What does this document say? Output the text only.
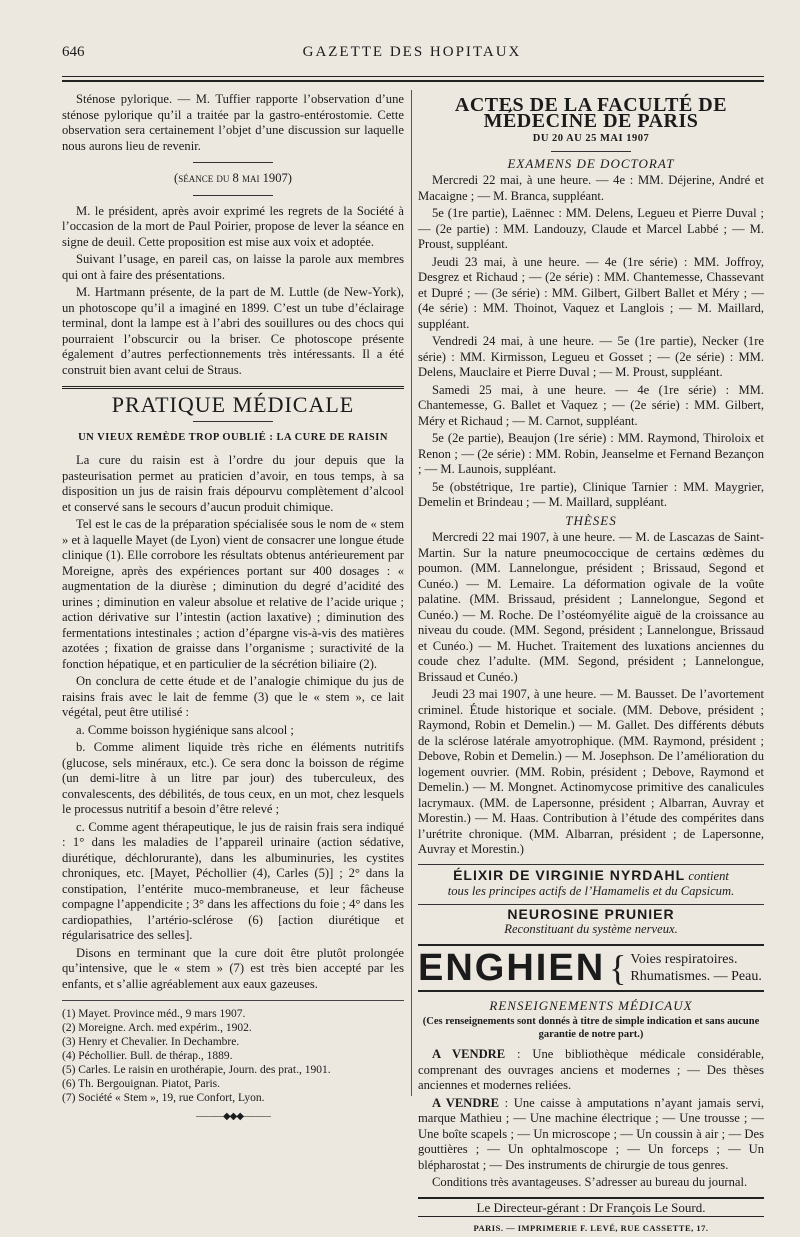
646	GAZETTE DES HOPITAUX

Sténose pylorique. — M. Tuffier rapporte l’observation d’une sténose pylorique qu’il a traitée par la gastro-entérostomie. Cette observation sera certainement l’objet d’une discussion sur laquelle nous aurons lieu de revenir.

(séance du 8 mai 1907)

M. le président, après avoir exprimé les regrets de la Société à l’occasion de la mort de Paul Poirier, propose de lever la séance en signe de deuil. Cette proposition est mise aux voix et adoptée.

Suivant l’usage, en pareil cas, on laisse la parole aux membres qui ont à faire des présentations.

M. Hartmann présente, de la part de M. Luttle (de New-York), un photoscope qu’il a imaginé en 1899. C’est un tube d’éclairage terminal, dont la lampe est à l’abri des souillures ou des chocs qui pourraient l’obscurcir ou la briser. Ce photoscope présente également d’autres perfectionnements très intéressants. Il a été construit bien avant celui de Straus.

PRATIQUE MÉDICALE
UN VIEUX REMÈDE TROP OUBLIÉ : LA CURE DE RAISIN

La cure du raisin est à l’ordre du jour depuis que la pasteurisation permet au praticien d’avoir, en tous temps, à sa disposition un jus de raisin frais dépourvu complètement d’alcool et conservé sans le secours d’aucun produit chimique.

Tel est le cas de la préparation spécialisée sous le nom de « stem » et à laquelle Mayet (de Lyon) vient de consacrer une longue étude clinique (1). Elle corrobore les résultats obtenus antérieurement par Moreigne, après des expériences portant sur 400 dosages : « augmentation de la diurèse ; diminution du degré d’acidité des urines ; diminution en valeur absolue et relative de l’acide urique ; action dérivative sur l’intestin (action laxative) ; diminution des fermentations intestinales ; action d’épargne vis-à-vis des matières azotées ; fixation de graisse dans l’organisme ; suractivité de la fonction hépatique, et en particulier de la sécrétion biliaire (2).

On conclura de cette étude et de l’analogie chimique du jus de raisins frais avec le lait de femme (3) que le « stem », ce lait végétal, peut être utilisé :

a. Comme boisson hygiénique sans alcool ;

b. Comme aliment liquide très riche en éléments nutritifs (glucose, sels minéraux, etc.). Ce sera donc la boisson de régime (un demi-litre à un litre par jour) des tuberculeux, des convalescents, des débilités, de tous ceux, en un mot, chez lesquels le processus nutritif a besoin d’être relevé ;

c. Comme agent thérapeutique, le jus de raisin frais sera indiqué : 1° dans les maladies de l’appareil urinaire (action sédative, diurétique, déchlorurante), dans les albuminuries, les cystites chroniques, etc. [Mayet, Péchollier (4), Carles (5)] ; 2° dans la constipation, l’entérite muco-membraneuse, et leur fâcheuse compagne l’appendicite ; 3° dans les affections du foie ; 4° dans les cardiopathies, l’artério-sclérose (6) [action diurétique et régularisatrice des selles].

Disons en terminant que la cure doit être plutôt prolongée qu’intensive, que le « stem » (7) est très bien accepté par les enfants, et s’allie agréablement aux eaux gazeuses.

(1) Mayet. Province méd., 9 mars 1907.
(2) Moreigne. Arch. med expérim., 1902.
(3) Henry et Chevalier. In Dechambre.
(4) Péchollier. Bull. de thérap., 1889.
(5) Carles. Le raisin en urothérapie, Journ. des prat., 1901.
(6) Th. Bergouignan. Piatot, Paris.
(7) Société « Stem », 19, rue Confort, Lyon.
———◆◆◆———
ACTES DE LA FACULTÉ DE MÉDECINE DE PARIS
DU 20 AU 25 MAI 1907
EXAMENS DE DOCTORAT

Mercredi 22 mai, à une heure. — 4e : MM. Déjerine, André et Macaigne ; — M. Branca, suppléant.

5e (1re partie), Laënnec : MM. Delens, Legueu et Pierre Duval ; — (2e partie) : MM. Landouzy, Claude et Marcel Labbé ; — M. Proust, suppléant.

Jeudi 23 mai, à une heure. — 4e (1re série) : MM. Joffroy, Desgrez et Richaud ; — (2e série) : MM. Chantemesse, Chassevant et Dupré ; — (3e série) : MM. Gilbert, Gilbert Ballet et Méry ; — (4e série) : MM. Thoinot, Vaquez et Langlois ; — M. Maillard, suppléant.

Vendredi 24 mai, à une heure. — 5e (1re partie), Necker (1re série) : MM. Kirmisson, Legueu et Gosset ; — (2e série) : MM. Delens, Mauclaire et Pierre Duval ; — M. Proust, suppléant.

Samedi 25 mai, à une heure. — 4e (1re série) : MM. Chantemesse, G. Ballet et Vaquez ; — (2e série) : MM. Gilbert, Méry et Richaud ; — M. Carnot, suppléant.

5e (2e partie), Beaujon (1re série) : MM. Raymond, Thiroloix et Renon ; — (2e série) : MM. Robin, Jeanselme et Fernand Bezançon ; — M. Launois, suppléant.

5e (obstétrique, 1re partie), Clinique Tarnier : MM. Maygrier, Demelin et Brindeau ; — M. Maillard, suppléant.

THÈSES

Mercredi 22 mai 1907, à une heure. — M. de Lascazas de Saint-Martin. Sur la nature pneumococcique de certains œdèmes du poumon. (MM. Lannelongue, président ; Brissaud, Segond et Cunéo.) — M. Lemaire. La déformation ogivale de la voûte palatine. (MM. Brissaud, président ; Lannelongue, Segond et Cunéo.) — M. Roche. De l’ostéomyélite aiguë de la croissance au niveau du coude. (MM. Segond, président ; Lannelongue, Brissaud et Cunéo.) — M. Huchet. Traitement des luxations anciennes du coude chez l’adulte. (MM. Segond, président ; Lannelongue, Brissaud et Cunéo.)

Jeudi 23 mai 1907, à une heure. — M. Bausset. De l’avortement criminel. Étude historique et sociale. (MM. Debove, président ; Raymond, Robin et Demelin.) — M. Gallet. Des différents débuts de la sclérose latérale amyotrophique. (MM. Raymond, président ; Debove, Robin et Demelin.) — M. Josephson. De l’amélioration du logement ouvrier. (MM. Robin, président ; Debove, Raymond et Demelin.) — M. Mongnet. Actinomycose primitive des canalicules lacrymaux. (MM. de Lapersonne, président ; Albarran, Auvray et Morestin.) — M. Haas. Contribution à l’étude des compérites dans l’urétrite chronique. (MM. Albarran, président ; de Lapersonne, Auvray et Morestin.)

ÉLIXIR DE VIRGINIE NYRDAHL contient
tous les principes actifs de l’Hamamelis et du Capsicum.
NEUROSINE PRUNIER
Reconstituant du système nerveux.
ENGHIEN { Voies respiratoires.
Rhumatismes. — Peau.
RENSEIGNEMENTS MÉDICAUX
(Ces renseignements sont donnés à titre de simple indication et sans aucune garantie de notre part.)

A VENDRE : Une bibliothèque médicale considérable, comprenant des ouvrages anciens et modernes ; — Des thèses anciennes et modernes reliées.

A VENDRE : Une caisse à amputations n’ayant jamais servi, marque Mathieu ; — Une machine électrique ; — Une trousse ; — Une boîte scapels ; — Un microscope ; — Un coussin à air ; — Des gouttières ; — Un ophtalmoscope ; — Un forceps ; — Un blépharostat ; — Des instruments de chirurgie de tous genres.

Conditions très avantageuses. S’adresser au bureau du journal.

Le Directeur-gérant : Dr François Le Sourd.
PARIS. — IMPRIMERIE F. LEVÉ, RUE CASSETTE, 17.
